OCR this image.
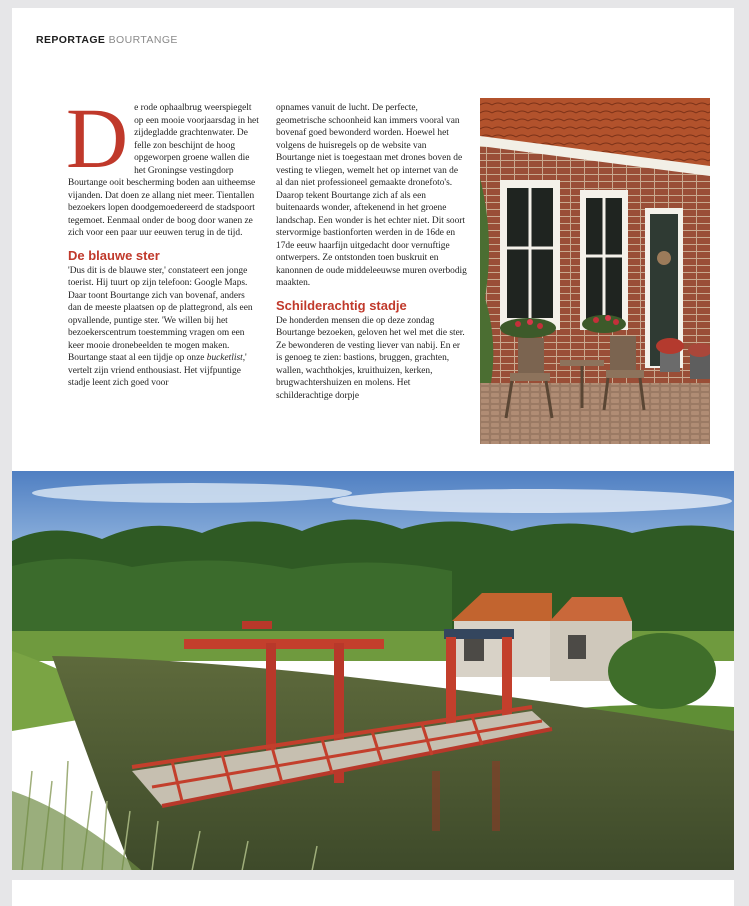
REPORTAGE BOURTANGE

De rode ophaalbrug weerspiegelt op een mooie voorjaarsdag in het zijdegladde grachtenwater. De felle zon beschijnt de hoog opgeworpen groene wallen die het Groningse vestingdorp Bourtange ooit bescherming boden aan uitheemse vijanden. Dat doen ze allang niet meer. Tientallen bezoekers lopen doodgemoedereerd de stadspoort tegemoet. Eenmaal onder de boog door wanen ze zich voor een paar uur eeuwen terug in de tijd.

De blauwe ster

'Dus dit is de blauwe ster,' constateert een jonge toerist. Hij tuurt op zijn telefoon: Google Maps. Daar toont Bourtange zich van bovenaf, anders dan de meeste plaatsen op de plattegrond, als een opvallende, puntige ster. 'We willen bij het bezoekerscentrum toestemming vragen om een keer mooie dronebeelden te mogen maken. Bourtange staat al een tijdje op onze bucketlist,' vertelt zijn vriend enthousiast. Het vijfpuntige stadje leent zich goed voor

opnames vanuit de lucht. De perfecte, geometrische schoonheid kan immers vooral van bovenaf goed bewonderd worden. Hoewel het volgens de huisregels op de website van Bourtange niet is toegestaan met drones boven de vesting te vliegen, wemelt het op internet van de al dan niet professioneel gemaakte dronefoto's. Daarop tekent Bourtange zich af als een buitenaards wonder, aftekenend in het groene landschap. Een wonder is het echter niet. Dit soort stervormige bastionforten werden in de 16de en 17de eeuw haarfijn uitgedacht door vernuftige ontwerpers. Ze ontstonden toen buskruit en kanonnen de oude middeleeuwse muren overbodig maakten.

Schilderachtig stadje

De honderden mensen die op deze zondag Bourtange bezoeken, geloven het wel met die ster. Ze bewonderen de vesting liever van nabij. En er is genoeg te zien: bastions, bruggen, grachten, wallen, wachthokjes, kruithuizen, kerken, brugwachtershuizen en molens. Het schilderachtige dorpje
